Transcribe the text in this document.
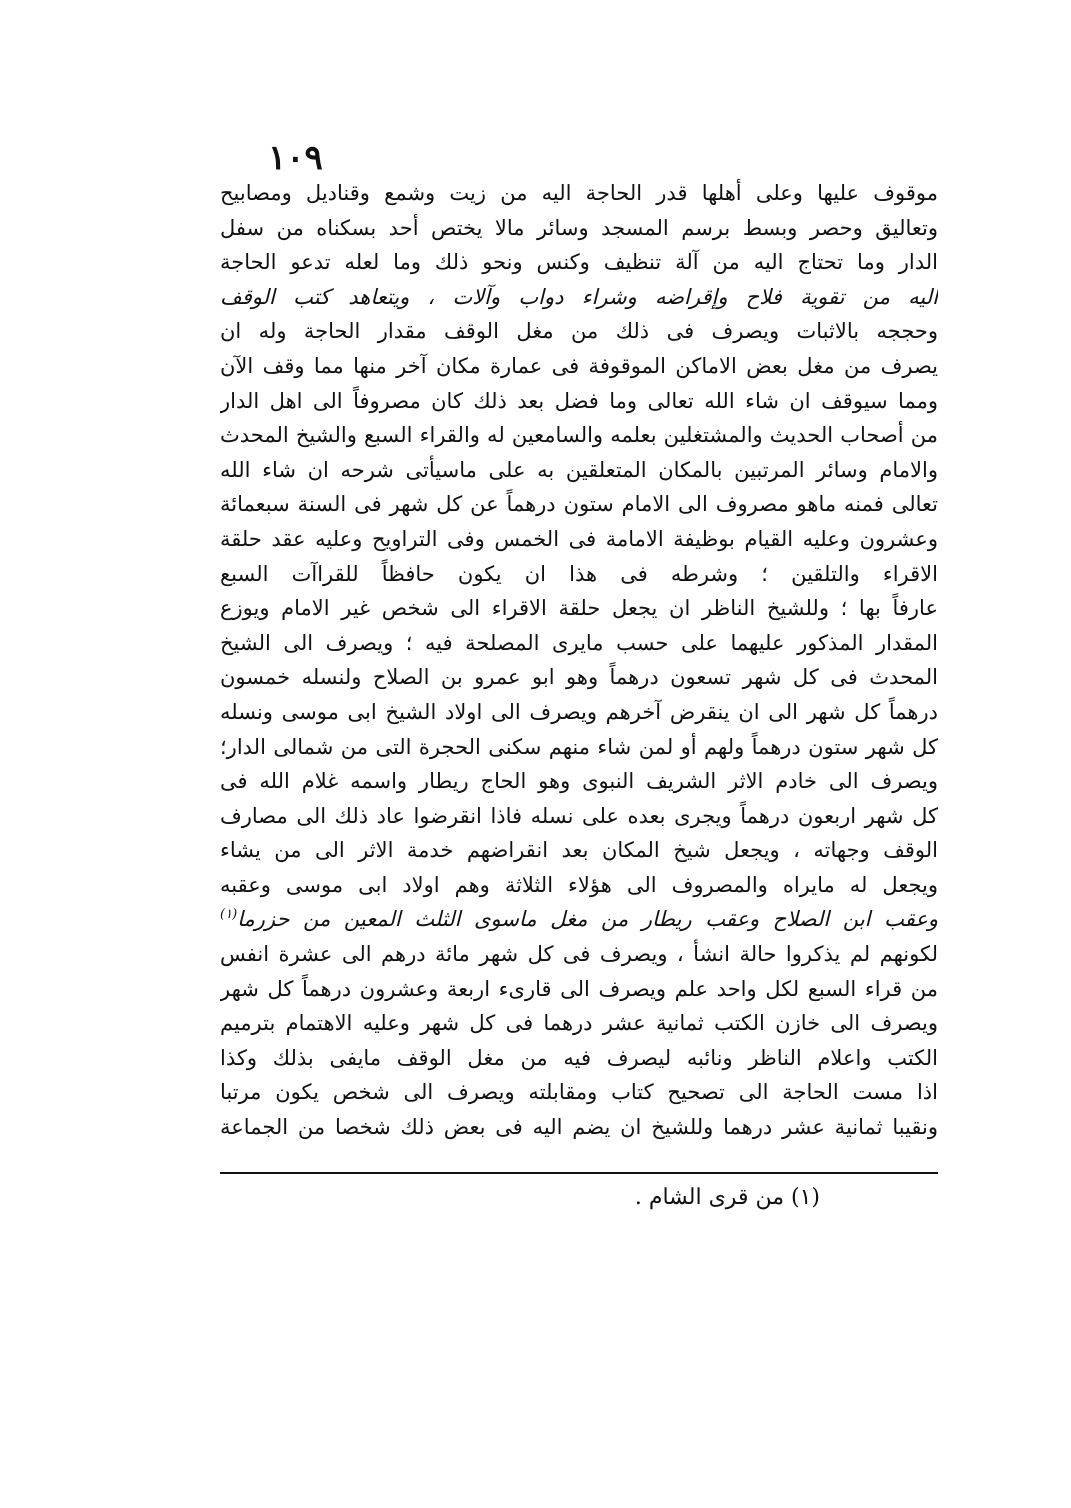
١٠٩
موقوف عليها وعلى أهلها قدر الحاجة اليه من زيت وشمع وقناديل ومصابيح
وتعاليق وحصر وبسط برسم المسجد وسائر مالا يختص أحد بسكناه من سفل
الدار وما تحتاج اليه من آلة تنظيف وكنس ونحو ذلك وما لعله تدعو الحاجة
اليه من تقوية فلاح وإقراضه وشراء دواب وآلات ، ويتعاهد كتب الوقف
وحججه بالاثبات ويصرف فى ذلك من مغل الوقف مقدار الحاجة وله ان
يصرف من مغل بعض الاماكن الموقوفة فى عمارة مكان آخر منها مما وقف الآن
ومما سيوقف ان شاء الله تعالى وما فضل بعد ذلك كان مصروفاً الى اهل الدار
من أصحاب الحديث والمشتغلين بعلمه والسامعين له والقراء السبع والشيخ المحدث
والامام وسائر المرتبين بالمكان المتعلقين به على ماسيأتى شرحه ان شاء الله
تعالى فمنه ماهو مصروف الى الامام ستون درهماً عن كل شهر فى السنة سبعمائة
وعشرون وعليه القيام بوظيفة الامامة فى الخمس وفى التراويح وعليه عقد حلقة
الاقراء والتلقين ؛ وشرطه فى هذا ان يكون حافظاً للقراآت السبع
عارفاً بها ؛ وللشيخ الناظر ان يجعل حلقة الاقراء الى شخص غير الامام ويوزع
المقدار المذكور عليهما على حسب مايرى المصلحة فيه ؛ ويصرف الى الشيخ
المحدث فى كل شهر تسعون درهماً وهو ابو عمرو بن الصلاح ولنسله خمسون
درهماً كل شهر الى ان ينقرض آخرهم ويصرف الى اولاد الشيخ ابى موسى ونسله
كل شهر ستون درهماً ولهم أو لمن شاء منهم سكنى الحجرة التى من شمالى الدار؛
ويصرف الى خادم الاثر الشريف النبوى وهو الحاج ريطار واسمه غلام الله فى
كل شهر اربعون درهماً ويجرى بعده على نسله فاذا انقرضوا عاد ذلك الى مصارف
الوقف وجهاته ، ويجعل شيخ المكان بعد انقراضهم خدمة الاثر الى من يشاء
ويجعل له مايراه والمصروف الى هؤلاء الثلاثة وهم اولاد ابى موسى وعقبه
وعقب ابن الصلاح وعقب ريطار من مغل ماسوى الثلث المعين من حزرما$^{(١)}$
لكونهم لم يذكروا حالة انشأ ، ويصرف فى كل شهر مائة درهم الى عشرة انفس
من قراء السبع لكل واحد علم ويصرف الى قارىء اربعة وعشرون درهماً كل شهر
ويصرف الى خازن الكتب ثمانية عشر درهما فى كل شهر وعليه الاهتمام بترميم
الكتب واعلام الناظر ونائبه ليصرف فيه من مغل الوقف مايفى بذلك وكذا
اذا مست الحاجة الى تصحيح كتاب ومقابلته ويصرف الى شخص يكون مرتبا
ونقيبا ثمانية عشر درهما وللشيخ ان يضم اليه فى بعض ذلك شخصا من الجماعة
(١) من قرى الشام .
